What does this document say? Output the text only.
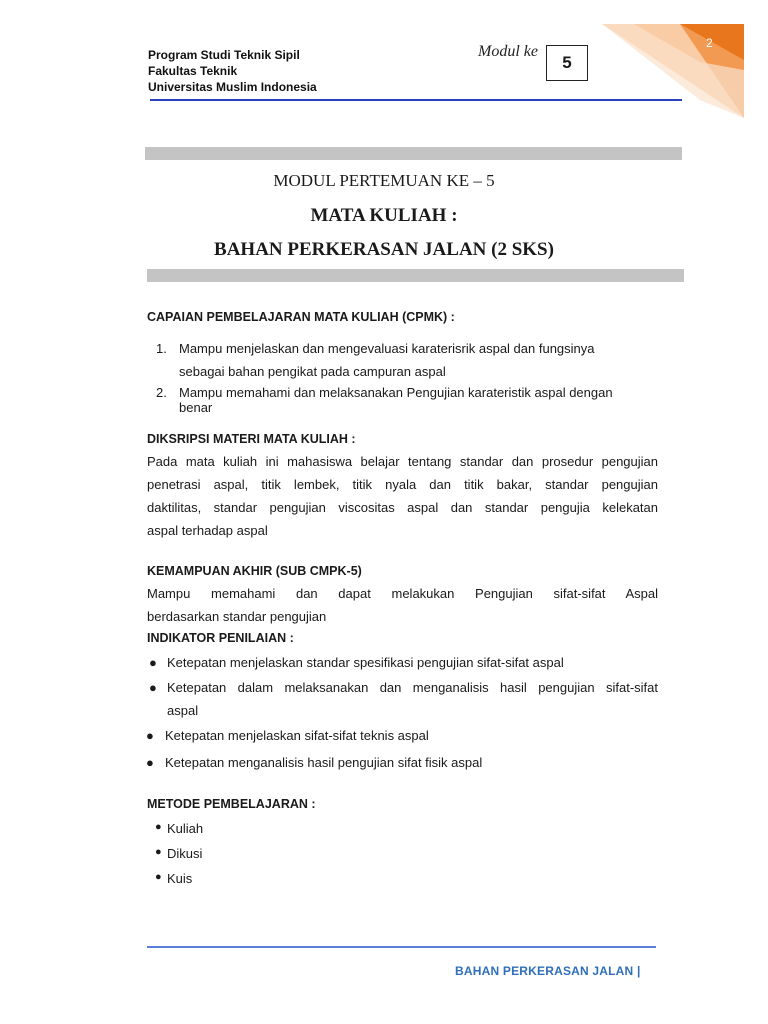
2
Program Studi Teknik Sipil
Fakultas Teknik
Universitas Muslim Indonesia
Modul ke
5
MODUL PERTEMUAN KE – 5
MATA KULIAH :
BAHAN PERKERASAN JALAN (2 SKS)
CAPAIAN PEMBELAJARAN MATA KULIAH (CPMK) :
1. Mampu menjelaskan dan mengevaluasi karaterisrik aspal dan fungsinya
sebagai bahan pengikat pada campuran aspal
2. Mampu memahami dan melaksanakan Pengujian karateristik aspal dengan
benar
DIKSRIPSI MATERI MATA KULIAH :
Pada mata kuliah ini mahasiswa belajar tentang standar dan prosedur pengujian
penetrasi aspal, titik lembek, titik nyala dan titik bakar, standar pengujian
daktilitas, standar pengujian viscositas aspal dan standar pengujia kelekatan
aspal terhadap aspal
KEMAMPUAN AKHIR (SUB CMPK-5)
Mampu memahami dan dapat melakukan Pengujian sifat-sifat Aspal
berdasarkan standar pengujian
INDIKATOR PENILAIAN :
● Ketepatan menjelaskan standar spesifikasi pengujian sifat-sifat aspal
● Ketepatan dalam melaksanakan dan menganalisis hasil pengujian sifat-sifat
aspal
● Ketepatan menjelaskan sifat-sifat teknis aspal
● Ketepatan menganalisis hasil pengujian sifat fisik aspal
METODE PEMBELAJARAN :
● Kuliah
● Dikusi
● Kuis
BAHAN PERKERASAN JALAN |
